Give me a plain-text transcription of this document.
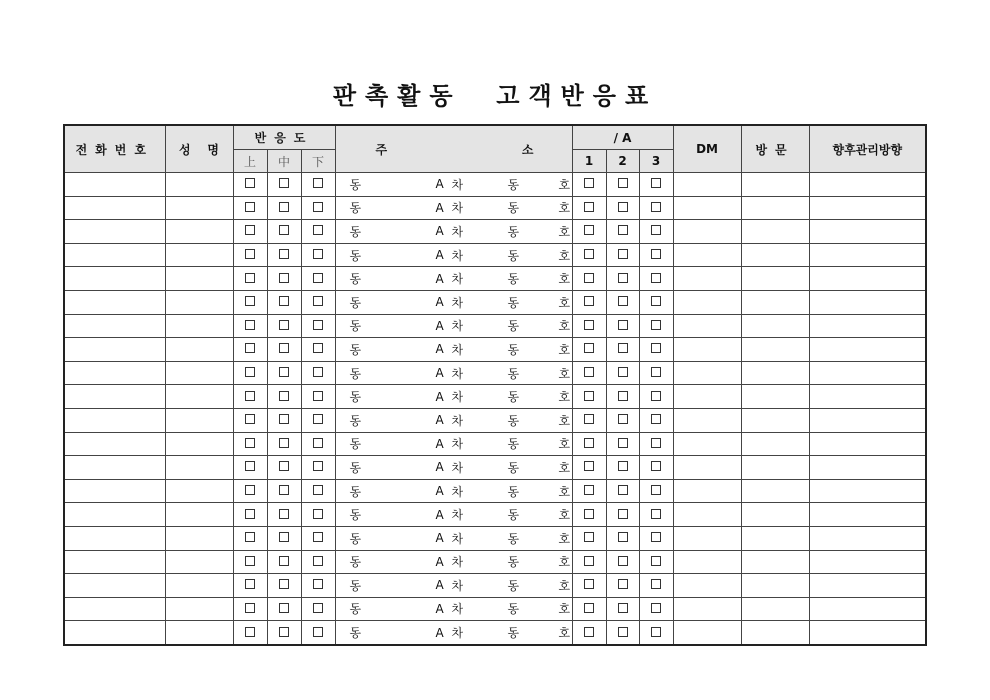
판촉활동  고객반응표
전화번호	성    명	반응도			주 소	/ A			DM	방문	향후관리방향
		上	中	下		1	2	3			

					동 A 차 동 호						

					동 A 차 동 호						

					동 A 차 동 호						

					동 A 차 동 호						

					동 A 차 동 호						

					동 A 차 동 호						

					동 A 차 동 호						

					동 A 차 동 호						

					동 A 차 동 호						

					동 A 차 동 호						

					동 A 차 동 호						

					동 A 차 동 호						

					동 A 차 동 호						

					동 A 차 동 호						

					동 A 차 동 호						

					동 A 차 동 호						

					동 A 차 동 호						

					동 A 차 동 호						

					동 A 차 동 호						

					동 A 차 동 호						
